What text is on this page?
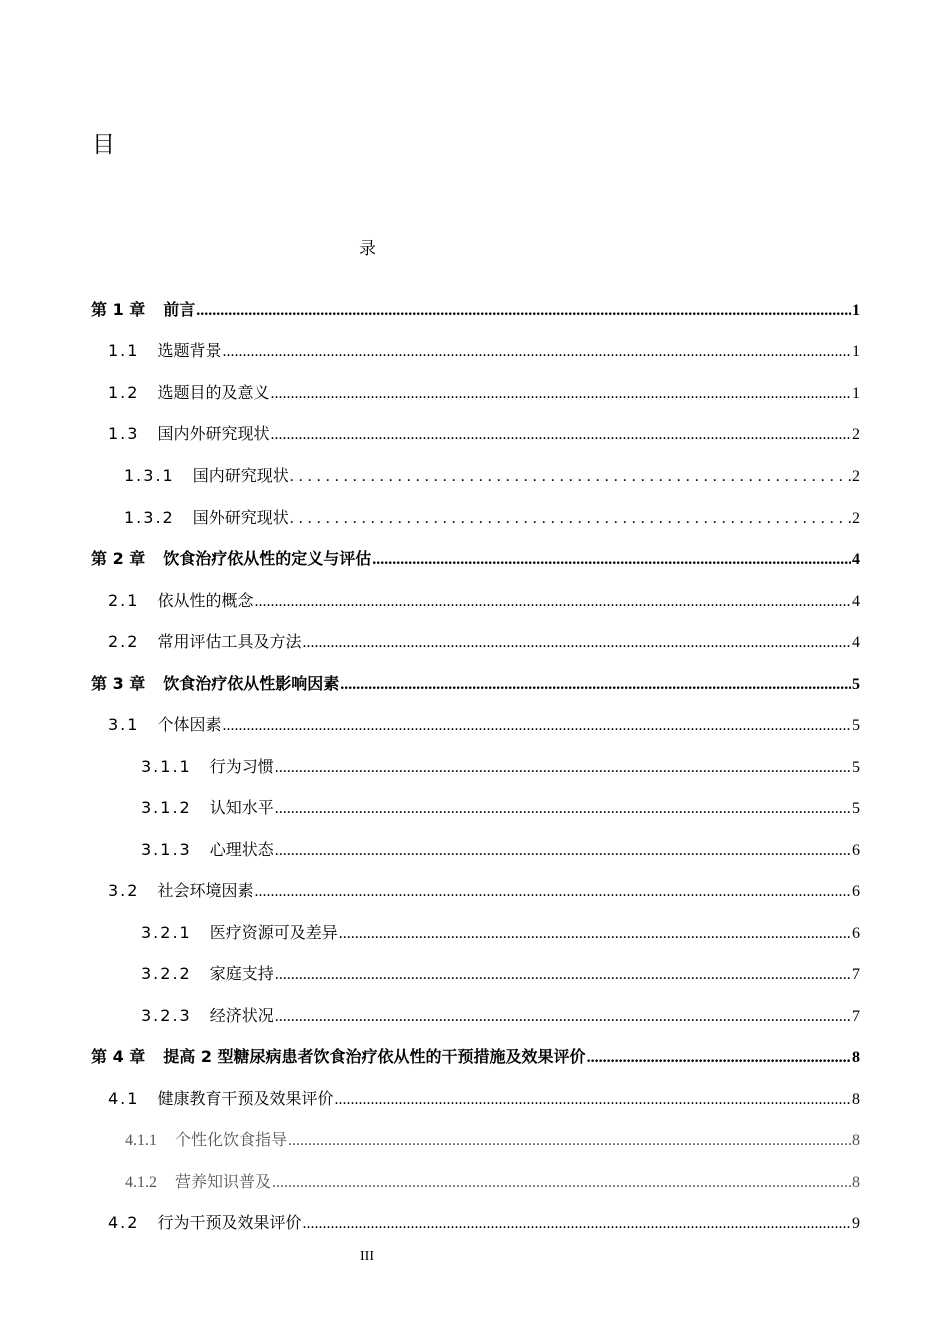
目
录
第 1 章 前言 .....	1
1.1 选题背景 .....	1
1.2 选题目的及意义 .....	1
1.3 国内外研究现状 .....	2
1.3.1 国内研究现状 .....	2
1.3.2 国外研究现状 .....	2
第 2 章 饮食治疗依从性的定义与评估 .....	4
2.1 依从性的概念 .....	4
2.2 常用评估工具及方法 .....	4
第 3 章 饮食治疗依从性影响因素 .....	5
3.1 个体因素 .....	5
3.1.1 行为习惯 .....	5
3.1.2 认知水平 .....	5
3.1.3 心理状态 .....	6
3.2 社会环境因素 .....	6
3.2.1 医疗资源可及差异 .....	6
3.2.2 家庭支持 .....	7
3.2.3 经济状况 .....	7
第 4 章 提高 2 型糖尿病患者饮食治疗依从性的干预措施及效果评价 .....	8
4.1 健康教育干预及效果评价 .....	8
4.1.1 个性化饮食指导 .....	8
4.1.2 营养知识普及 .....	8
4.2 行为干预及效果评价 .....	9
III
